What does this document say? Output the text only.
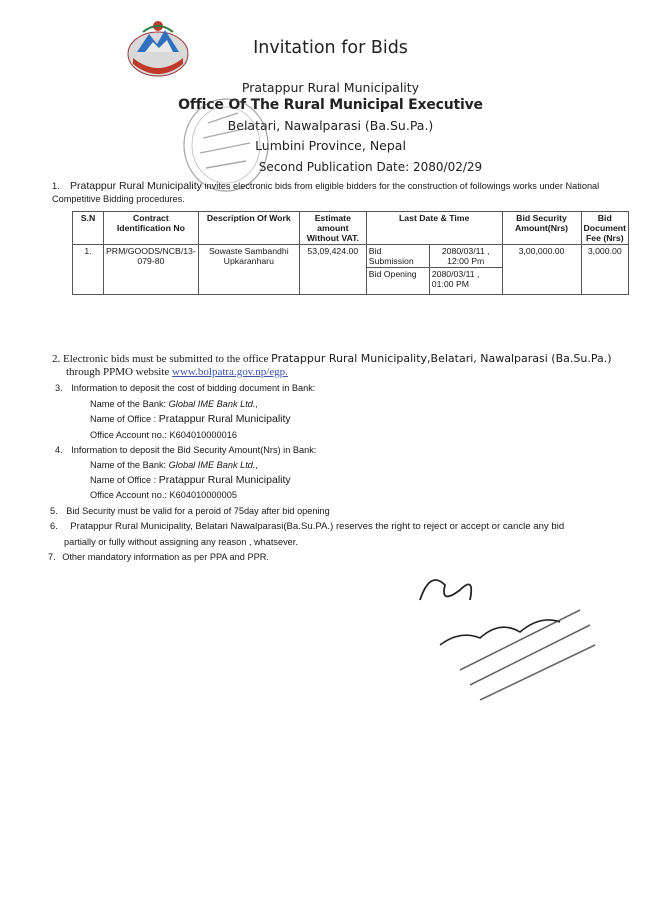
Invitation for Bids
Pratappur Rural Municipality
Office Of The Rural Municipal Executive
Belatari, Nawalparasi (Ba.Su.Pa.)
Lumbini Province, Nepal
Second Publication Date: 2080/02/29
1. Pratappur Rural Municipality invites electronic bids from eligible bidders for the construction of followings works under National Competitive Bidding procedures.
S.N	Contract Identification No	Description Of Work	Estimate amount Without VAT.	Last Date & Time		Bid Security Amount(Nrs)	Bid Document Fee (Nrs)
1.	PRM/GOODS/NCB/13-079-80	Sowaste Sambandhi Upkaranharu	53,09,424.00	Bid Submission	2080/03/11 , 12:00 Pm	3,00,000.00	3,000.00
				Bid Opening	2080/03/11 , 01:00 PM		
2. Electronic bids must be submitted to the office Pratappur Rural Municipality,Belatari, Nawalparasi (Ba.Su.Pa.)
through PPMO website www.bolpatra.gov.np/egp.
3. Information to deposit the cost of bidding document in Bank:
Name of the Bank: Global IME Bank Ltd.,
Name of Office : Pratappur Rural Municipality
Office Account no.: K604010000016
4. Information to deposit the Bid Security Amount(Nrs) in Bank:
Name of the Bank: Global IME Bank Ltd.,
Name of Office : Pratappur Rural Municipality
Office Account no.: K604010000005
5. Bid Security must be valid for a peroid of 75day after bid opening
6. Pratappur Rural Municipality, Belatari Nawalparasi(Ba.Su.PA.) reserves the right to reject or accept or cancle any bid
partially or fully without assigning any reason , whatsever.
7. Other mandatory information as per PPA and PPR.
